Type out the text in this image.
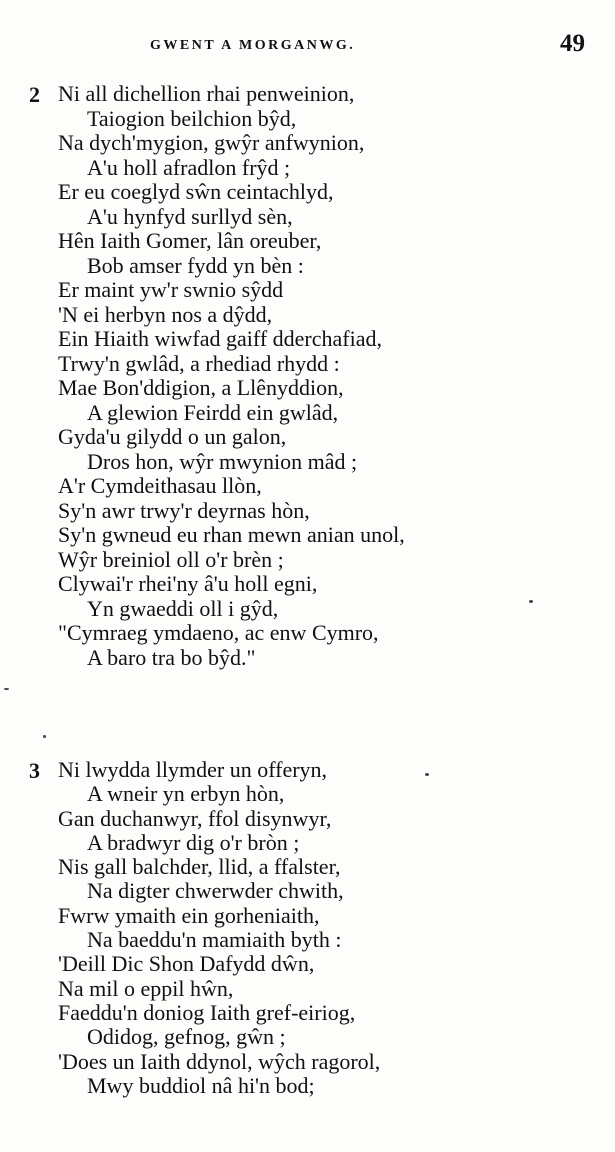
GWENT A MORGANWG.	49
2 Ni all dichellion rhai penweinion,
Taiogion beilchion bŷd,
Na dych'mygion, gwŷr anfwynion,
A'u holl afradlon frŷd ;
Er eu coeglyd sŵn ceintachlyd,
A'u hynfyd surllyd sèn,
Hên Iaith Gomer, lân oreuber,
Bob amser fydd yn bèn :
Er maint yw'r swnio sŷdd
'N ei herbyn nos a dŷdd,
Ein Hiaith wiwfad gaiff dderchafiad,
Trwy'n gwlâd, a rhediad rhydd :
Mae Bon'ddigion, a Llênyddion,
A glewion Feirdd ein gwlâd,
Gyda'u gilydd o un galon,
Dros hon, wŷr mwynion mâd ;
A'r Cymdeithasau llòn,
Sy'n awr trwy'r deyrnas hòn,
Sy'n gwneud eu rhan mewn anian unol,
Wŷr breiniol oll o'r brèn ;
Clywai'r rhei'ny â'u holl egni,
Yn gwaeddi oll i gŷd,
"Cymraeg ymdaeno, ac enw Cymro,
A baro tra bo bŷd."
3 Ni lwydda llymder un offeryn,
A wneir yn erbyn hòn,
Gan duchanwyr, ffol disynwyr,
A bradwyr dig o'r bròn ;
Nis gall balchder, llid, a ffalster,
Na digter chwerwder chwith,
Fwrw ymaith ein gorheniaith,
Na baeddu'n mamiaith byth :
'Deill Dic Shon Dafydd dŵn,
Na mil o eppil hŵn,
Faeddu'n doniog Iaith gref-eiriog,
Odidog, gefnog, gŵn ;
'Does un Iaith ddynol, wŷch ragorol,
Mwy buddiol nâ hi'n bod;
